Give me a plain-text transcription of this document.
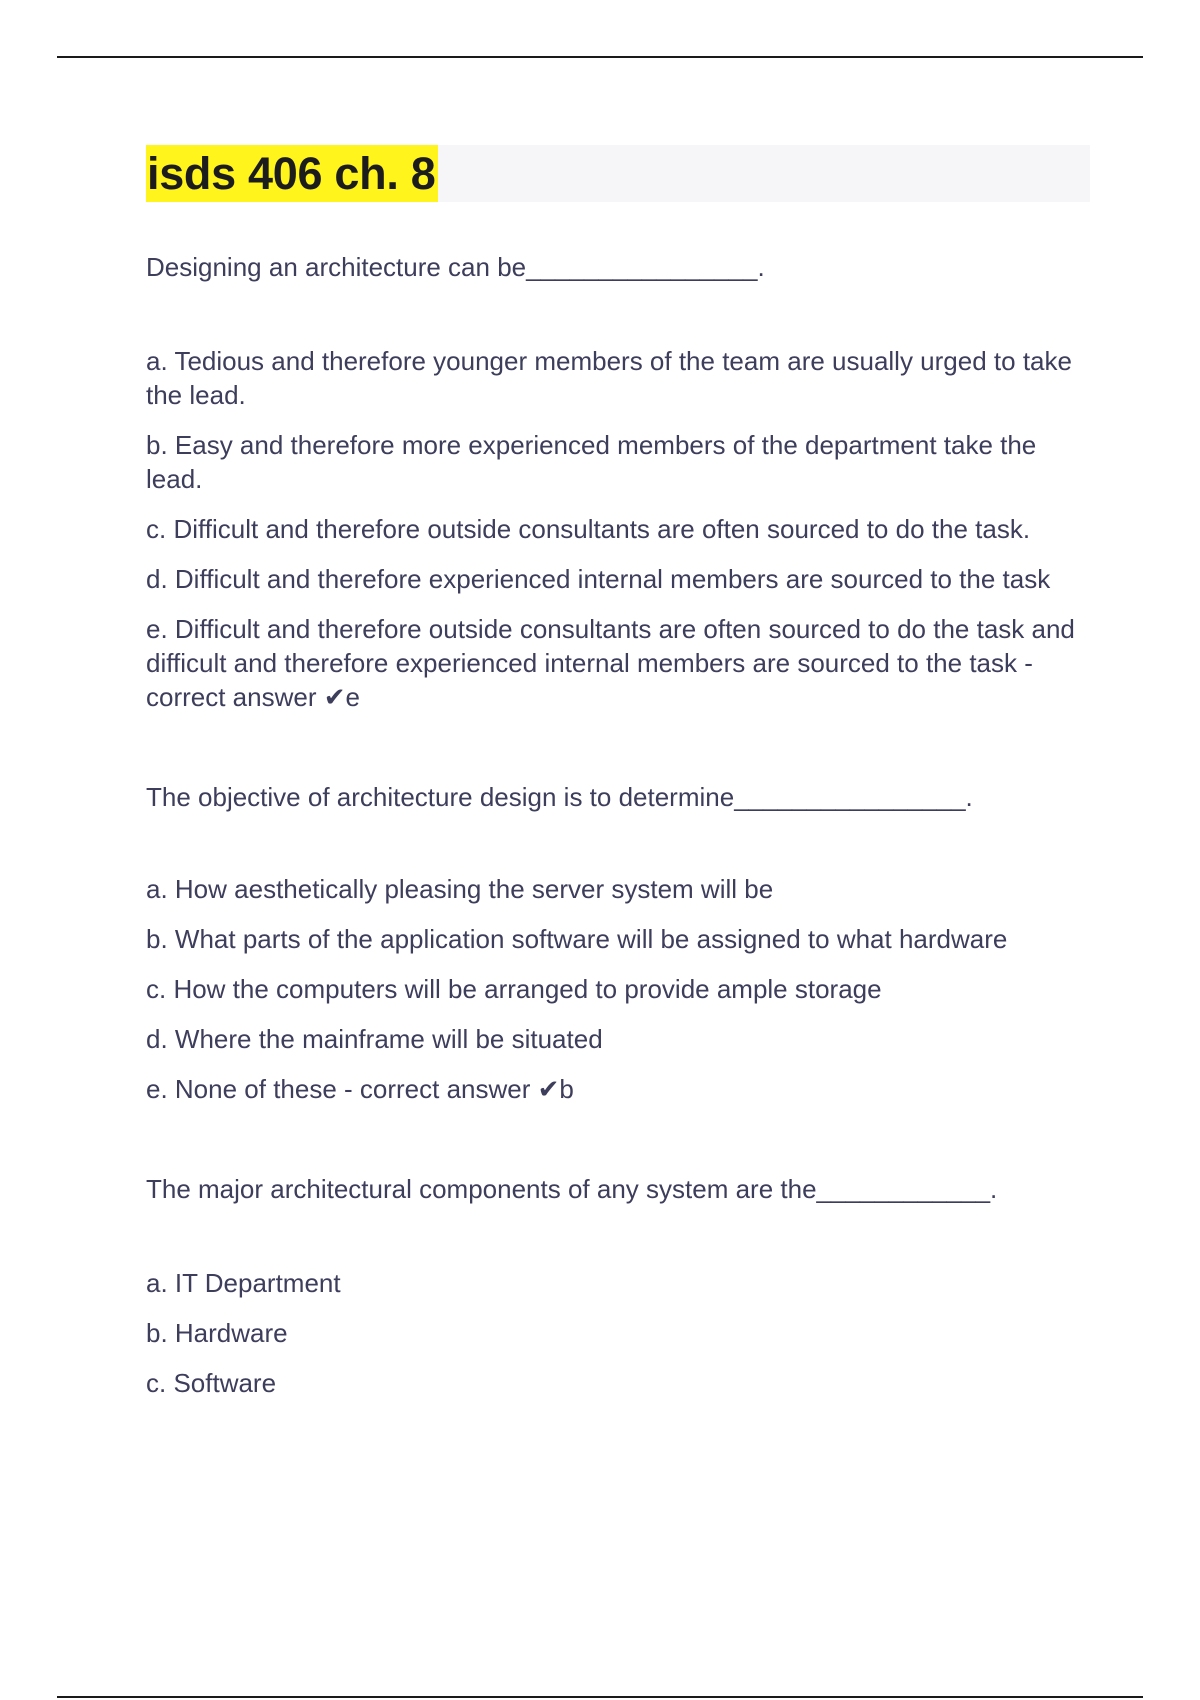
isds 406 ch. 8

Designing an architecture can be________________.

a. Tedious and therefore younger members of the team are usually urged to take the lead.
b. Easy and therefore more experienced members of the department take the lead.
c. Difficult and therefore outside consultants are often sourced to do the task.
d. Difficult and therefore experienced internal members are sourced to the task
e. Difficult and therefore outside consultants are often sourced to do the task and difficult and therefore experienced internal members are sourced to the task - correct answer ✔e

The objective of architecture design is to determine________________.

a. How aesthetically pleasing the server system will be
b. What parts of the application software will be assigned to what hardware
c. How the computers will be arranged to provide ample storage
d. Where the mainframe will be situated
e. None of these - correct answer ✔b

The major architectural components of any system are the____________.

a. IT Department
b. Hardware
c. Software
